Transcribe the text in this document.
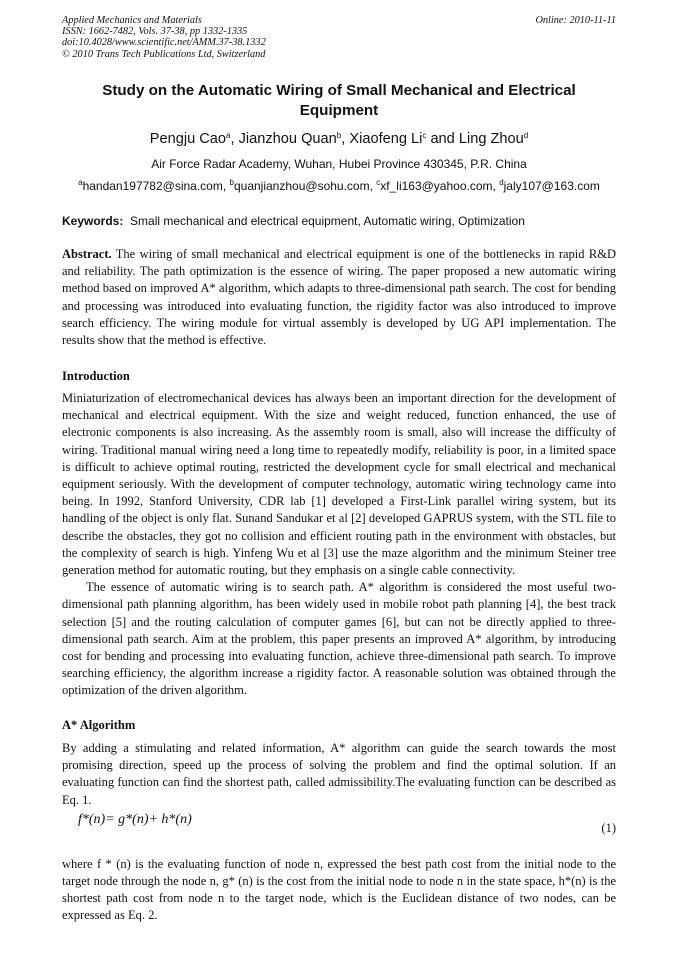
Applied Mechanics and Materials
ISSN: 1662-7482, Vols. 37-38, pp 1332-1335
doi:10.4028/www.scientific.net/AMM.37-38.1332
© 2010 Trans Tech Publications Ltd, Switzerland
Online: 2010-11-11
Study on the Automatic Wiring of Small Mechanical and Electrical Equipment
Pengju Cao$^a$, Jianzhou Quan$^b$, Xiaofeng Li$^c$ and Ling Zhou$^d$
Air Force Radar Academy, Wuhan, Hubei Province 430345, P.R. China
$^a$handan197782@sina.com, $^b$quanjianzhou@sohu.com, $^c$xf_li163@yahoo.com, $^d$jaly107@163.com
Keywords: Small mechanical and electrical equipment, Automatic wiring, Optimization
Abstract. The wiring of small mechanical and electrical equipment is one of the bottlenecks in rapid R&D and reliability. The path optimization is the essence of wiring. The paper proposed a new automatic wiring method based on improved A* algorithm, which adapts to three-dimensional path search. The cost for bending and processing was introduced into evaluating function, the rigidity factor was also introduced to improve search efficiency. The wiring module for virtual assembly is developed by UG API implementation. The results show that the method is effective.
Introduction

Miniaturization of electromechanical devices has always been an important direction for the development of mechanical and electrical equipment. With the size and weight reduced, function enhanced, the use of electronic components is also increasing. As the assembly room is small, also will increase the difficulty of wiring. Traditional manual wiring need a long time to repeatedly modify, reliability is poor, in a limited space is difficult to achieve optimal routing, restricted the development cycle for small electrical and mechanical equipment seriously. With the development of computer technology, automatic wiring technology came into being. In 1992, Stanford University, CDR lab [1] developed a First-Link parallel wiring system, but its handling of the object is only flat. Sunand Sandukar et al [2] developed GAPRUS system, with the STL file to describe the obstacles, they got no collision and efficient routing path in the environment with obstacles, but the complexity of search is high. Yinfeng Wu et al [3] use the maze algorithm and the minimum Steiner tree generation method for automatic routing, but they emphasis on a single cable connectivity.

The essence of automatic wiring is to search path. A* algorithm is considered the most useful two-dimensional path planning algorithm, has been widely used in mobile robot path planning [4], the best track selection [5] and the routing calculation of computer games [6], but can not be directly applied to three-dimensional path search. Aim at the problem, this paper presents an improved A* algorithm, by introducing cost for bending and processing into evaluating function, achieve three-dimensional path search. To improve searching efficiency, the algorithm increase a rigidity factor. A reasonable solution was obtained through the optimization of the driven algorithm.

A* Algorithm

By adding a stimulating and related information, A* algorithm can guide the search towards the most promising direction, speed up the process of solving the problem and find the optimal solution. If an evaluating function can find the shortest path, called admissibility.The evaluating function can be described as Eq. 1.

f*(n)= g*(n)+ h*(n)
(1)

where f * (n) is the evaluating function of node n, expressed the best path cost from the initial node to the target node through the node n, g* (n) is the cost from the initial node to node n in the state space, h*(n) is the shortest path cost from node n to the target node, which is the Euclidean distance of two nodes, can be expressed as Eq. 2.
